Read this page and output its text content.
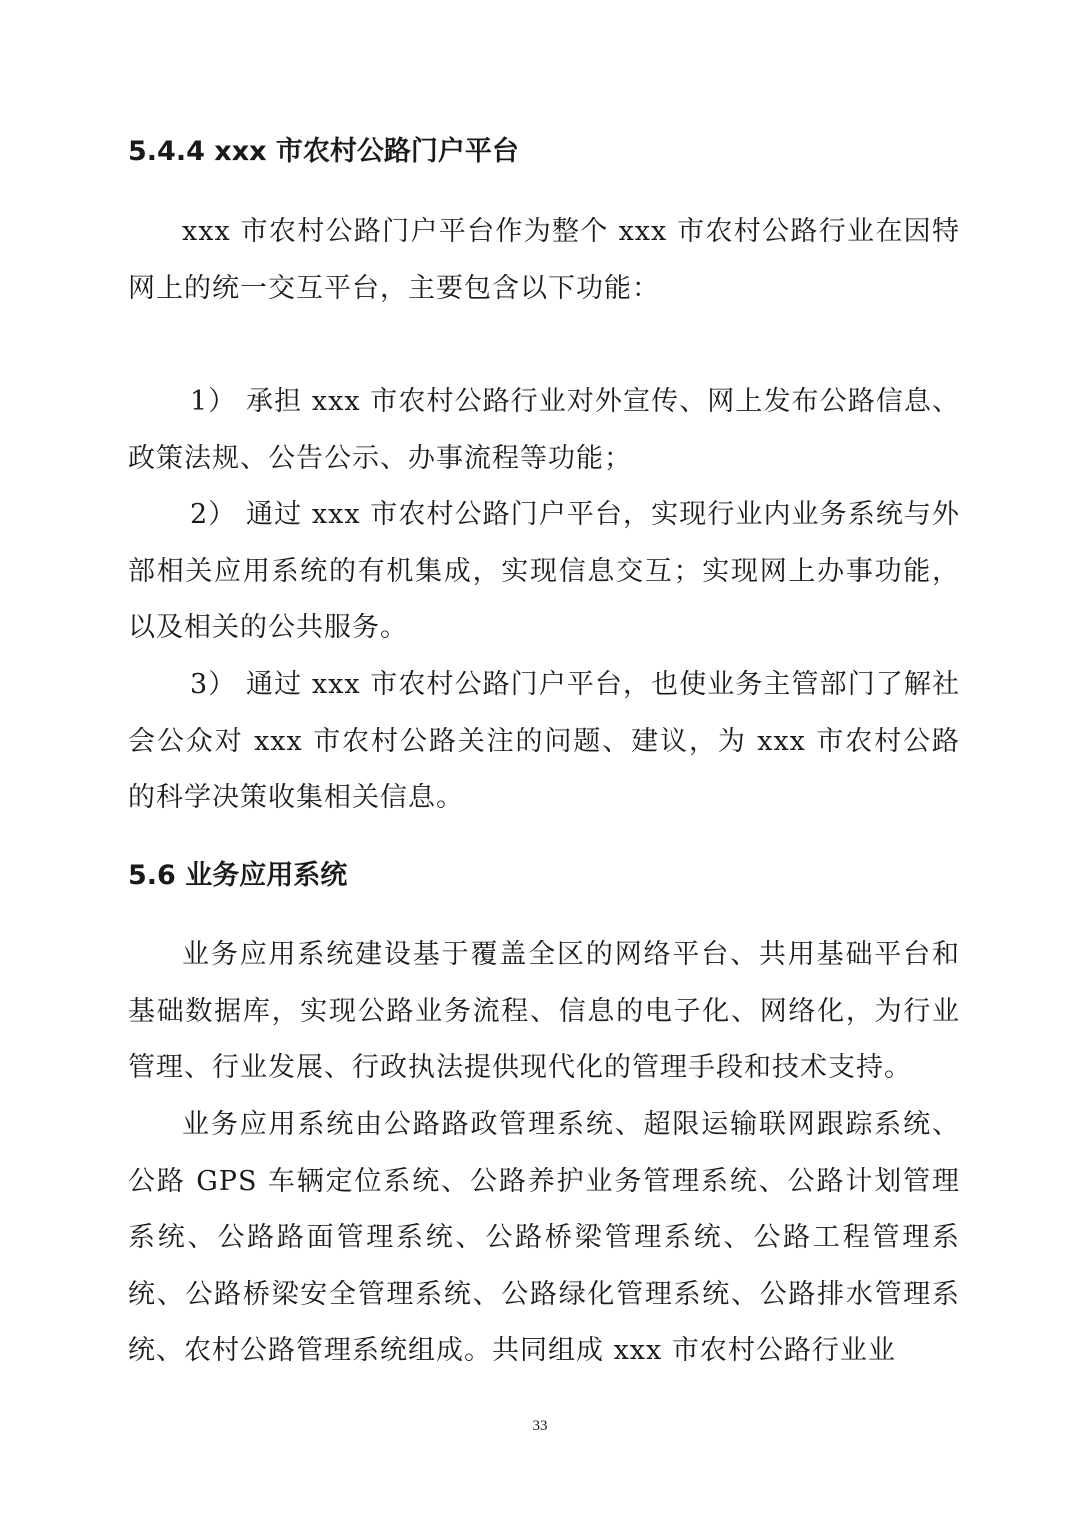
5.4.4 xxx 市农村公路门户平台

xxx 市农村公路门户平台作为整个 xxx 市农村公路行业在因特网上的统一交互平台，主要包含以下功能：

1） 承担 xxx 市农村公路行业对外宣传、网上发布公路信息、政策法规、公告公示、办事流程等功能；

2） 通过 xxx 市农村公路门户平台，实现行业内业务系统与外部相关应用系统的有机集成，实现信息交互；实现网上办事功能，以及相关的公共服务。

3） 通过 xxx 市农村公路门户平台，也使业务主管部门了解社会公众对 xxx 市农村公路关注的问题、建议，为 xxx 市农村公路的科学决策收集相关信息。

5.6 业务应用系统

业务应用系统建设基于覆盖全区的网络平台、共用基础平台和基础数据库，实现公路业务流程、信息的电子化、网络化，为行业管理、行业发展、行政执法提供现代化的管理手段和技术支持。

业务应用系统由公路路政管理系统、超限运输联网跟踪系统、公路 GPS 车辆定位系统、公路养护业务管理系统、公路计划管理系统、公路路面管理系统、公路桥梁管理系统、公路工程管理系统、公路桥梁安全管理系统、公路绿化管理系统、公路排水管理系统、农村公路管理系统组成。共同组成 xxx 市农村公路行业业

33
